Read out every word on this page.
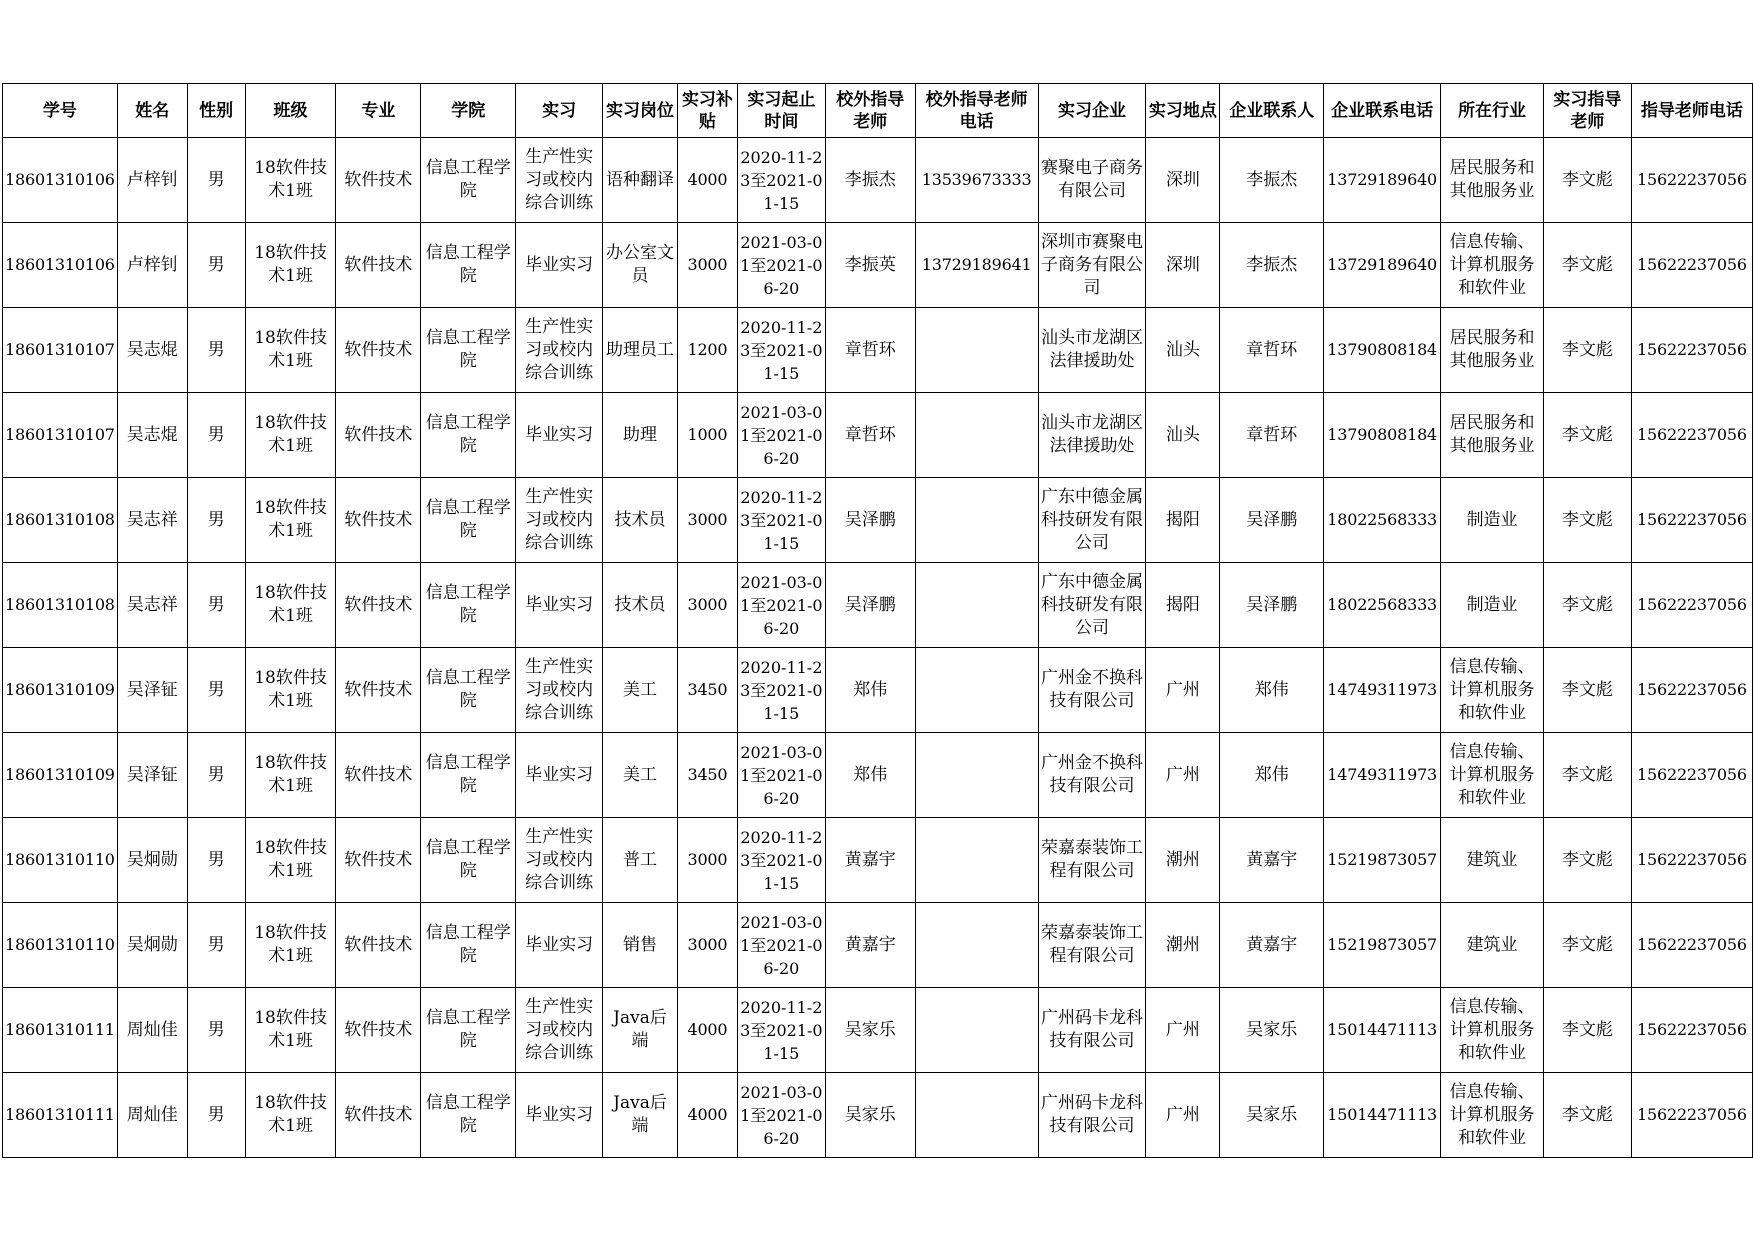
学号	姓名	性别	班级	专业	学院	实习	实习岗位	实习补贴	实习起止时间	校外指导老师	校外指导老师电话	实习企业	实习地点	企业联系人	企业联系电话	所在行业	实习指导老师	指导老师电话
18601310106	卢梓钊	男	18软件技术1班	软件技术	信息工程学院	生产性实习或校内综合训练	语种翻译	4000	2020-11-23至2021-01-15	李振杰	13539673333	赛聚电子商务有限公司	深圳	李振杰	13729189640	居民服务和其他服务业	李文彪	15622237056
18601310106	卢梓钊	男	18软件技术1班	软件技术	信息工程学院	毕业实习	办公室文员	3000	2021-03-01至2021-06-20	李振英	13729189641	深圳市赛聚电子商务有限公司	深圳	李振杰	13729189640	信息传输、计算机服务和软件业	李文彪	15622237056
18601310107	吴志焜	男	18软件技术1班	软件技术	信息工程学院	生产性实习或校内综合训练	助理员工	1200	2020-11-23至2021-01-15	章哲环		汕头市龙湖区法律援助处	汕头	章哲环	13790808184	居民服务和其他服务业	李文彪	15622237056
18601310107	吴志焜	男	18软件技术1班	软件技术	信息工程学院	毕业实习	助理	1000	2021-03-01至2021-06-20	章哲环		汕头市龙湖区法律援助处	汕头	章哲环	13790808184	居民服务和其他服务业	李文彪	15622237056
18601310108	吴志祥	男	18软件技术1班	软件技术	信息工程学院	生产性实习或校内综合训练	技术员	3000	2020-11-23至2021-01-15	吴泽鹏		广东中德金属科技研发有限公司	揭阳	吴泽鹏	18022568333	制造业	李文彪	15622237056
18601310108	吴志祥	男	18软件技术1班	软件技术	信息工程学院	毕业实习	技术员	3000	2021-03-01至2021-06-20	吴泽鹏		广东中德金属科技研发有限公司	揭阳	吴泽鹏	18022568333	制造业	李文彪	15622237056
18601310109	吴泽钲	男	18软件技术1班	软件技术	信息工程学院	生产性实习或校内综合训练	美工	3450	2020-11-23至2021-01-15	郑伟		广州金不换科技有限公司	广州	郑伟	14749311973	信息传输、计算机服务和软件业	李文彪	15622237056
18601310109	吴泽钲	男	18软件技术1班	软件技术	信息工程学院	毕业实习	美工	3450	2021-03-01至2021-06-20	郑伟		广州金不换科技有限公司	广州	郑伟	14749311973	信息传输、计算机服务和软件业	李文彪	15622237056
18601310110	吴炯勋	男	18软件技术1班	软件技术	信息工程学院	生产性实习或校内综合训练	普工	3000	2020-11-23至2021-01-15	黄嘉宇		荣嘉泰装饰工程有限公司	潮州	黄嘉宇	15219873057	建筑业	李文彪	15622237056
18601310110	吴炯勋	男	18软件技术1班	软件技术	信息工程学院	毕业实习	销售	3000	2021-03-01至2021-06-20	黄嘉宇		荣嘉泰装饰工程有限公司	潮州	黄嘉宇	15219873057	建筑业	李文彪	15622237056
18601310111	周灿佳	男	18软件技术1班	软件技术	信息工程学院	生产性实习或校内综合训练	Java后端	4000	2020-11-23至2021-01-15	吴家乐		广州码卡龙科技有限公司	广州	吴家乐	15014471113	信息传输、计算机服务和软件业	李文彪	15622237056
18601310111	周灿佳	男	18软件技术1班	软件技术	信息工程学院	毕业实习	Java后端	4000	2021-03-01至2021-06-20	吴家乐		广州码卡龙科技有限公司	广州	吴家乐	15014471113	信息传输、计算机服务和软件业	李文彪	15622237056
